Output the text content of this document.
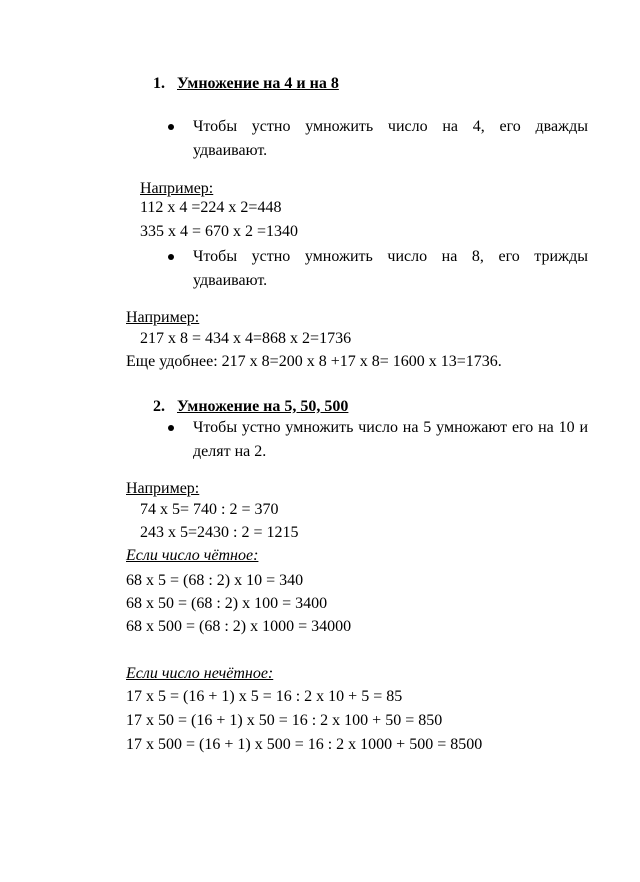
1. Умножение на 4 и на 8
Чтобы устно умножить число на 4, его дважды удваивают.
Например:
112 х 4 =224 х 2=448
335 х 4 = 670 х 2 =1340
Чтобы устно умножить число на 8, его трижды удваивают.
Например:
217 х 8 = 434 х 4=868 х 2=1736
Еще удобнее: 217 х 8=200 х 8 +17 х 8= 1600 х 13=1736.
2. Умножение на 5, 50, 500
Чтобы устно умножить число на 5 умножают его на 10 и делят на 2.
Например:
74 х 5= 740 : 2 = 370
243 х 5=2430 : 2 = 1215
Если число чётное:
68 х 5 = (68 : 2) х 10 = 340
68 х 50 = (68 : 2) х 100 = 3400
68 х 500 = (68 : 2) х 1000 = 34000
Если число нечётное:
17 х 5 = (16 + 1) х 5 = 16 : 2 х 10 + 5 = 85
17 х 50 = (16 + 1) х 50 = 16 : 2 х 100 + 50 = 850
17 х 500 = (16 + 1) х 500 = 16 : 2 х 1000 + 500 = 8500
